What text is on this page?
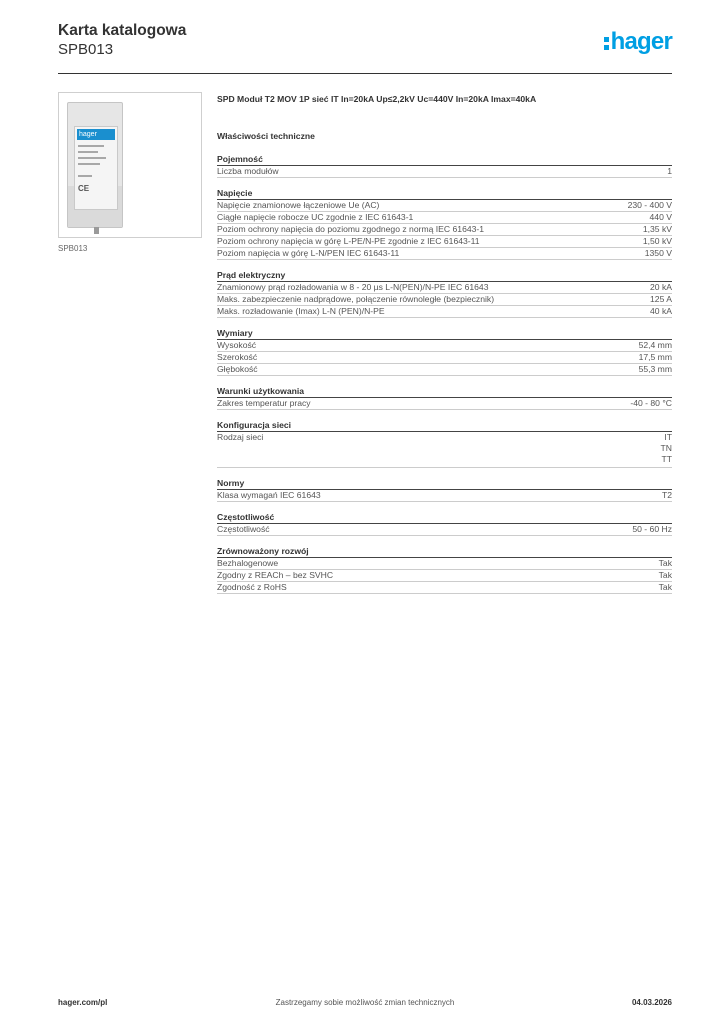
Karta katalogowa
SPB013	hager
hager
CE
SPB013
SPD Moduł T2 MOV 1P sieć IT In=20kA Up≤2,2kV Uc=440V In=20kA Imax=40kA
Właściwości techniczne
Pojemność
Liczba modułów	1
Napięcie
Napięcie znamionowe łączeniowe Ue (AC)	230 - 400 V
Ciągłe napięcie robocze UC zgodnie z IEC 61643-1	440 V
Poziom ochrony napięcia do poziomu zgodnego z normą IEC 61643-1	1,35 kV
Poziom ochrony napięcia w górę L-PE/N-PE zgodnie z IEC 61643-11	1,50 kV
Poziom napięcia w górę L-N/PEN IEC 61643-11	1350 V
Prąd elektryczny
Znamionowy prąd rozładowania w 8 - 20 µs L-N(PEN)/N-PE IEC 61643	20 kA
Maks. zabezpieczenie nadprądowe, połączenie równoległe (bezpiecznik)	125 A
Maks. rozładowanie (Imax) L-N (PEN)/N-PE	40 kA
Wymiary
Wysokość	52,4 mm
Szerokość	17,5 mm
Głębokość	55,3 mm
Warunki użytkowania
Zakres temperatur pracy	-40 - 80 °C
Konfiguracja sieci
Rodzaj sieci	IT
TN
TT
Normy
Klasa wymagań IEC 61643	T2
Częstotliwość
Częstotliwość	50 - 60 Hz
Zrównoważony rozwój
Bezhalogenowe	Tak
Zgodny z REACh – bez SVHC	Tak
Zgodność z RoHS	Tak
hager.com/pl	Zastrzegamy sobie możliwość zmian technicznych	04.03.2026
